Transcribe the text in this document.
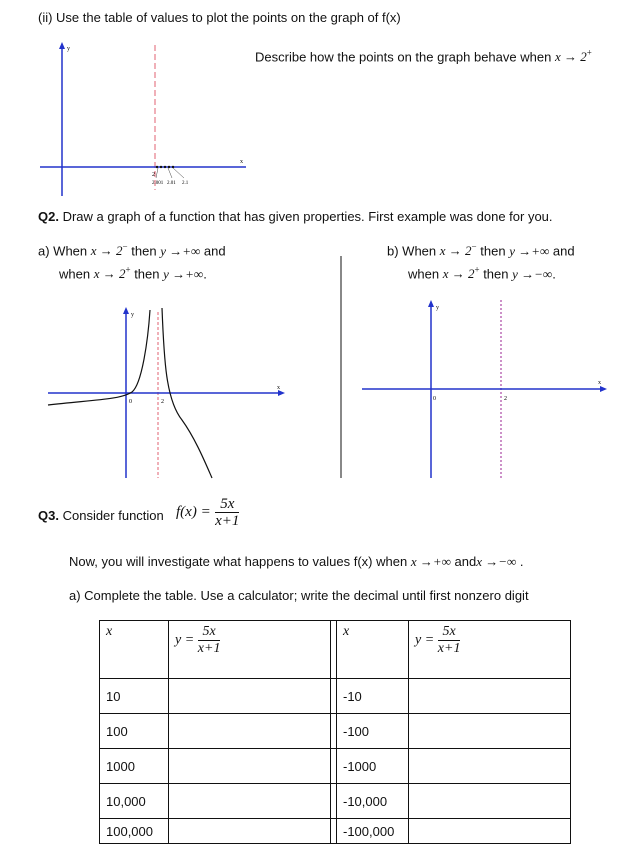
(ii) Use the table of values to plot the points on the graph of f(x)
Describe how the points on the graph behave when x → 2+
y
x
2
2.001 2.01 2.1
Q2. Draw a graph of a function that has given properties. First example was done for you.
a) When x → 2− then y →+∞ and
when x → 2+ then y →+∞.
b) When x → 2− then y →+∞ and
when x → 2+ then y →−∞.
y
x
0	2
y
x
0	2
Q3. Consider function $f(x) = \frac{5x}{x+1}$
Now, you will investigate what happens to values f(x) when x →+∞ andx →−∞ .
a) Complete the table. Use a calculator; write the decimal until first nonzero digit
x	$y = \frac{5x}{x+1}$		x	$y = \frac{5x}{x+1}$

10			-10	
100			-100	
1000			-1000	
10,000			-10,000	
100,000			-100,000	
